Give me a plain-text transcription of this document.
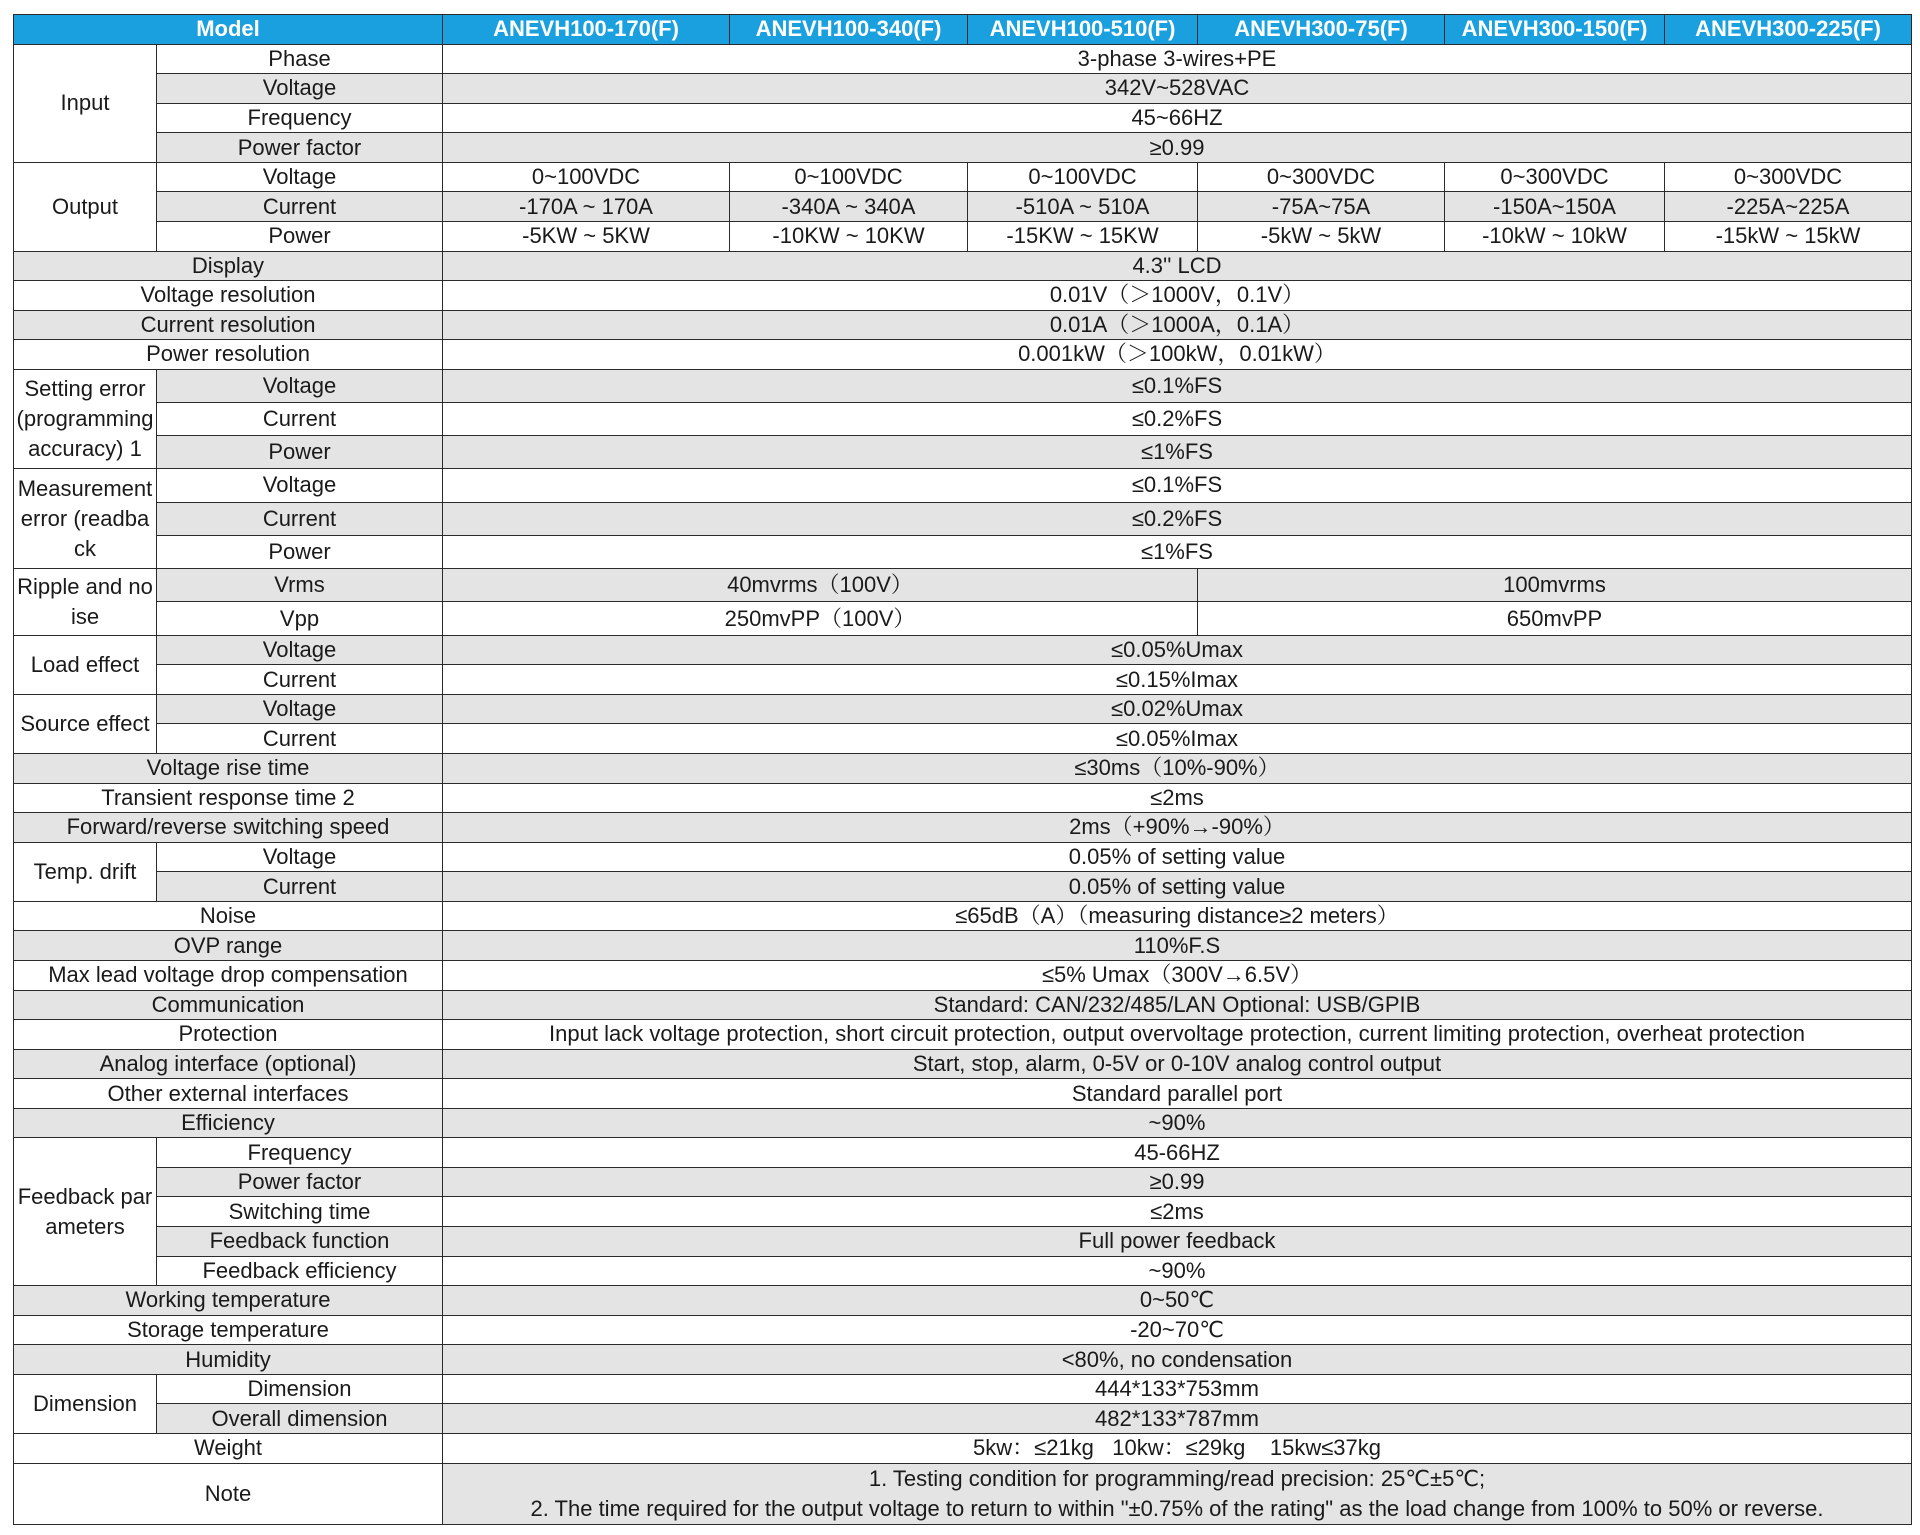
Model		ANEVH100-170(F)	ANEVH100-340(F)	ANEVH100-510(F)	ANEVH300-75(F)	ANEVH300-150(F)	ANEVH300-225(F)
Input	Phase	3-phase 3-wires+PE					
	Voltage	342V~528VAC					
	Frequency	45~66HZ					
	Power factor	≥0.99					
Output	Voltage	0~100VDC	0~100VDC	0~100VDC	0~300VDC	0~300VDC	0~300VDC
	Current	-170A ~ 170A	-340A ~ 340A	-510A ~ 510A	-75A~75A	-150A~150A	-225A~225A
	Power	-5KW ~ 5KW	-10KW ~ 10KW	-15KW ~ 15KW	-5kW ~ 5kW	-10kW ~ 10kW	-15kW ~ 15kW
Display		4.3'' LCD					
Voltage resolution		0.01V（＞1000V，0.1V）					
Current resolution		0.01A（＞1000A，0.1A）					
Power resolution		0.001kW（＞100kW，0.01kW）					
Setting error (programming accuracy) 1	Voltage	≤0.1%FS					
	Current	≤0.2%FS					
	Power	≤1%FS					
Measurement error (readback	Voltage	≤0.1%FS					
	Current	≤0.2%FS					
	Power	≤1%FS					
Ripple and noise	Vrms	40mvrms（100V）			100mvrms		
	Vpp	250mvPP（100V）			650mvPP		
Load effect	Voltage	≤0.05%Umax					
	Current	≤0.15%Imax					
Source effect	Voltage	≤0.02%Umax					
	Current	≤0.05%Imax					
Voltage rise time		≤30ms（10%-90%）					
Transient response time 2		≤2ms					
Forward/reverse switching speed		2ms（+90%→-90%）					
Temp. drift	Voltage	0.05% of setting value					
	Current	0.05% of setting value					
Noise		≤65dB（A）（measuring distance≥2 meters）					
OVP range		110%F.S					
Max lead voltage drop compensation		≤5% Umax（300V→6.5V）					
Communication		Standard: CAN/232/485/LAN Optional: USB/GPIB					
Protection		Input lack voltage protection, short circuit protection, output overvoltage protection, current limiting protection, overheat protection					
Analog interface (optional)		Start, stop, alarm, 0-5V or 0-10V analog control output					
Other external interfaces		Standard parallel port					
Efficiency		~90%					
Feedback parameters	Frequency	45-66HZ					
	Power factor	≥0.99					
	Switching time	≤2ms					
	Feedback function	Full power feedback					
	Feedback efficiency	~90%					
Working temperature		0~50℃					
Storage temperature		-20~70℃					
Humidity		<80%, no condensation					
Dimension	Dimension	444*133*753mm					
	Overall dimension	482*133*787mm					
Weight		5kw：≤21kg   10kw：≤29kg    15kw≤37kg					
Note		1. Testing condition for programming/read precision: 25℃±5℃;
2. The time required for the output voltage to return to within "±0.75% of the rating" as the load change from 100% to 50% or reverse.					
